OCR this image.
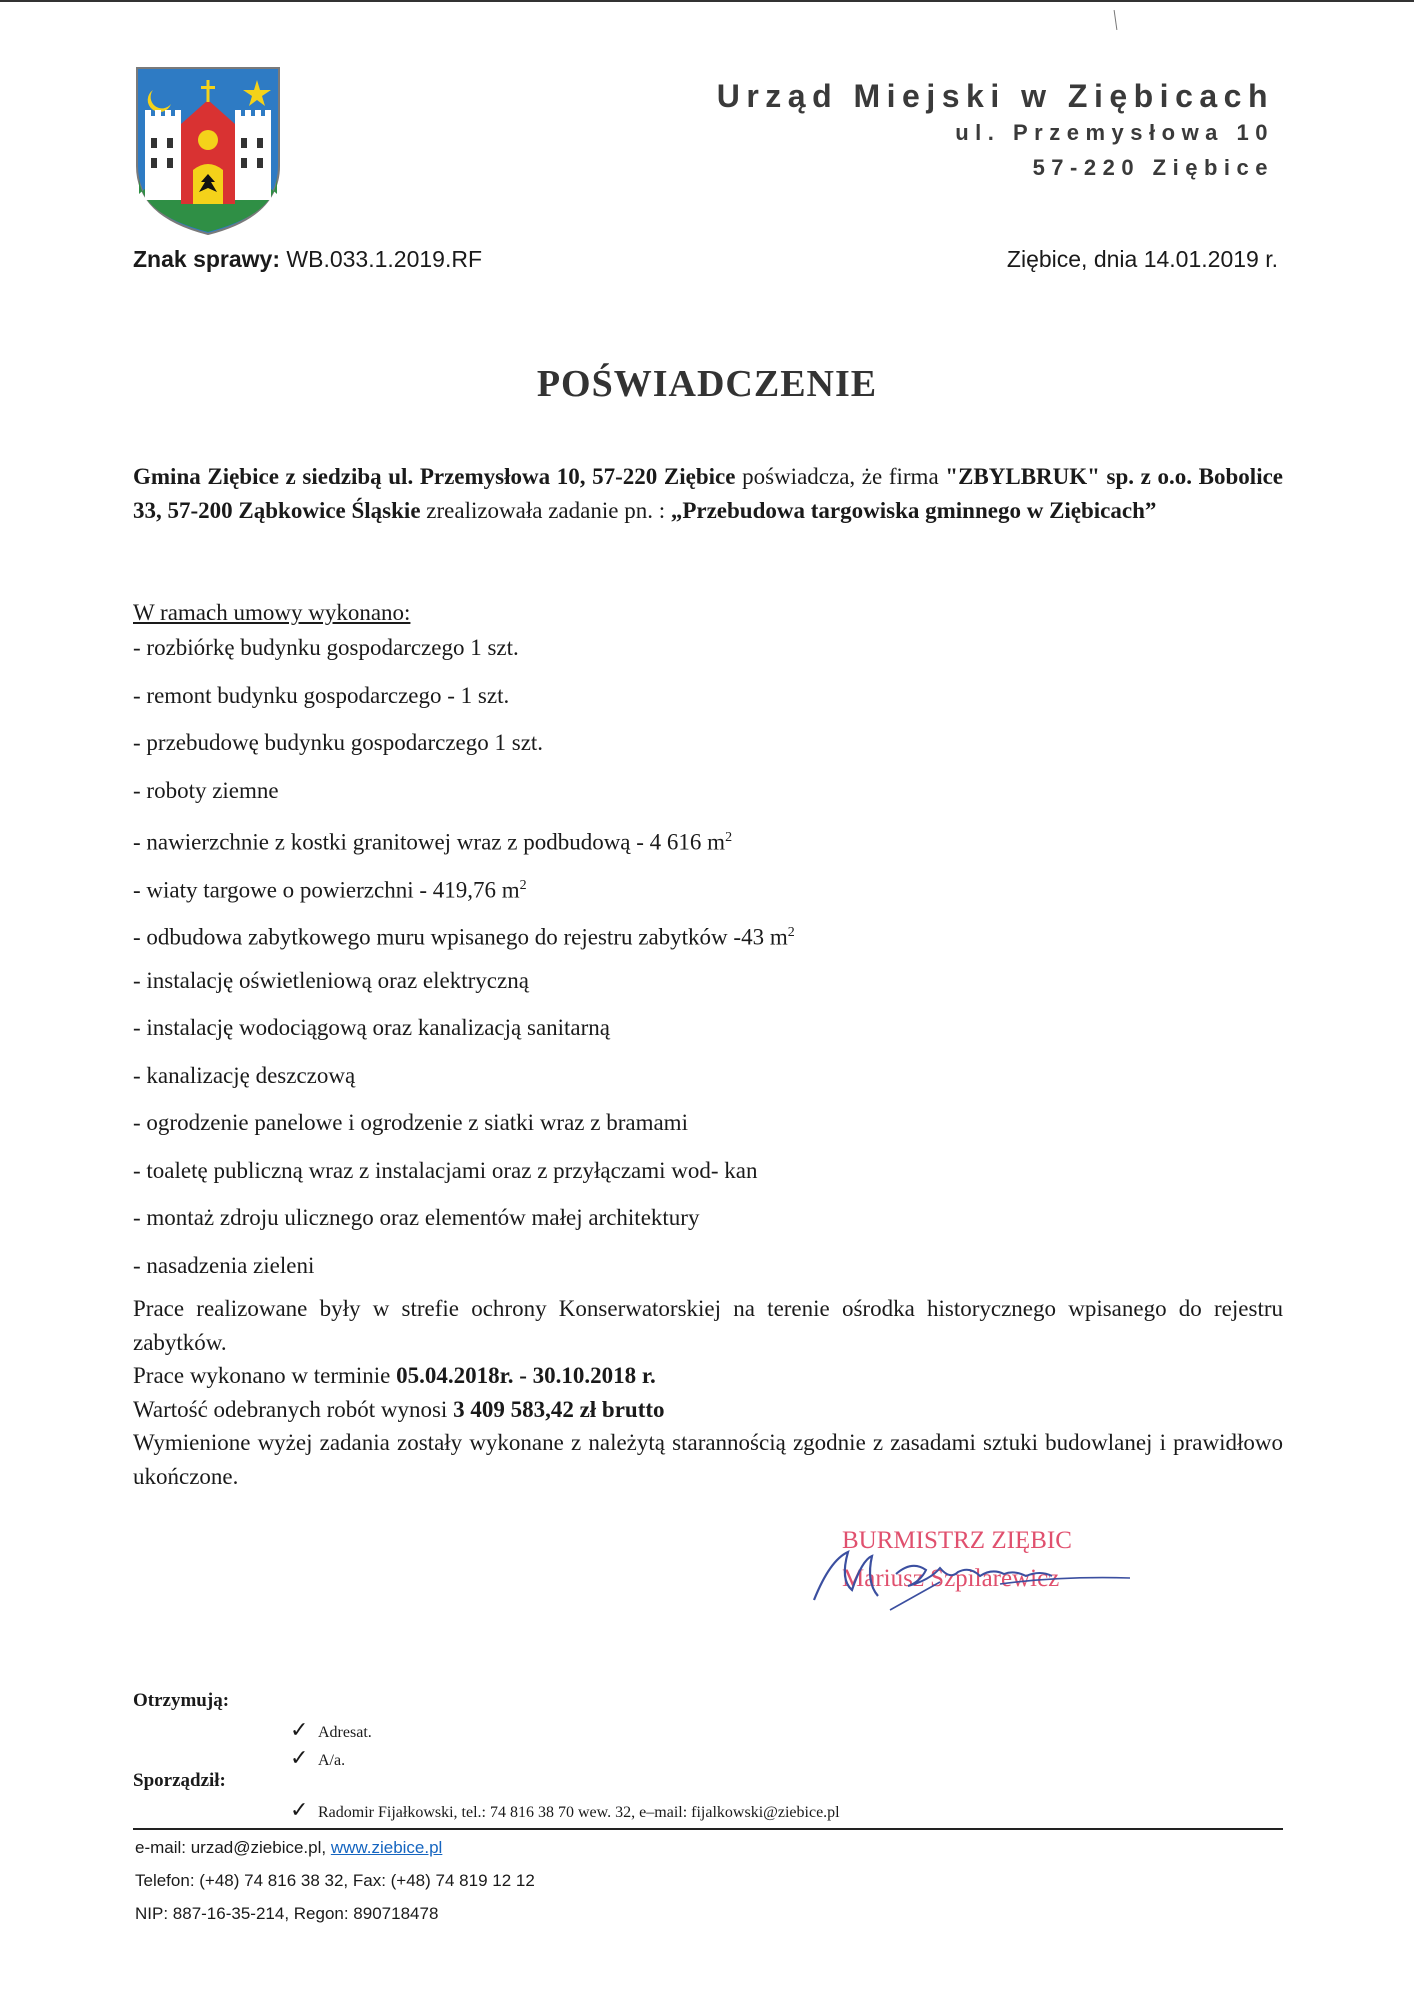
Urząd Miejski w Ziębicach
ul. Przemysłowa 10
57-220 Ziębice
Znak sprawy: WB.033.1.2019.RF	Ziębice, dnia 14.01.2019 r.
POŚWIADCZENIE
Gmina Ziębice z siedzibą ul. Przemysłowa 10, 57-220 Ziębice poświadcza, że firma "ZBYLBRUK" sp. z o.o. Bobolice 33, 57-200 Ząbkowice Śląskie zrealizowała zadanie pn. : „Przebudowa targowiska gminnego w Ziębicach”
W ramach umowy wykonano:
- rozbiórkę budynku gospodarczego 1 szt.
- remont budynku gospodarczego - 1 szt.
- przebudowę budynku gospodarczego 1 szt.
- roboty ziemne
- nawierzchnie z kostki granitowej wraz z podbudową - 4 616 $m^2$
- wiaty targowe o powierzchni - 419,76 $m^2$
- odbudowa zabytkowego muru wpisanego do rejestru zabytków -43 $m^2$
- instalację oświetleniową oraz elektryczną
- instalację wodociągową oraz kanalizacją sanitarną
- kanalizację deszczową
- ogrodzenie panelowe i ogrodzenie z siatki wraz z bramami
- toaletę publiczną wraz z instalacjami oraz z przyłączami wod- kan
- montaż zdroju ulicznego oraz elementów małej architektury
- nasadzenia zieleni

Prace realizowane były w strefie ochrony Konserwatorskiej na terenie ośrodka historycznego wpisanego do rejestru zabytków.

Prace wykonano w terminie 05.04.2018r. - 30.10.2018 r.

Wartość odebranych robót wynosi 3 409 583,42 zł brutto

Wymienione wyżej zadania zostały wykonane z należytą starannością zgodnie z zasadami sztuki budowlanej i prawidłowo ukończone.

BURMISTRZ ZIĘBIC
Mariusz Szpilarewicz
Otrzymują:
✓ Adresat.
✓ A/a.
Sporządził:
✓ Radomir Fijałkowski, tel.: 74 816 38 70 wew. 32, e–mail: fijalkowski@ziebice.pl
e-mail: urzad@ziebice.pl, www.ziebice.pl
Telefon: (+48) 74 816 38 32, Fax: (+48) 74 819 12 12
NIP: 887-16-35-214, Regon: 890718478
